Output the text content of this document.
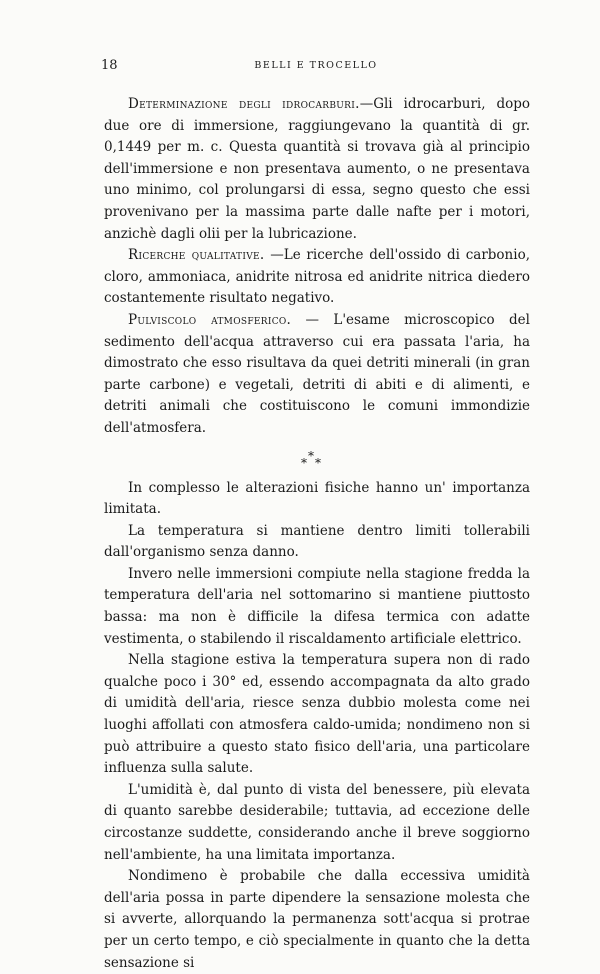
18	BELLI E TROCELLO

Determinazione degli idrocarburi.—Gli idrocarburi, dopo due ore di immersione, raggiungevano la quantità di gr. 0,1449 per m. c. Questa quantità si trovava già al principio dell'immersione e non presentava aumento, o ne presentava uno minimo, col prolungarsi di essa, segno questo che essi provenivano per la massima parte dalle nafte per i motori, anzichè dagli olii per la lubricazione.

Ricerche qualitative. —Le ricerche dell'ossido di carbonio, cloro, ammoniaca, anidrite nitrosa ed anidrite nitrica diedero costantemente risultato negativo.

Pulviscolo atmosferico. — L'esame microscopico del sedimento dell'acqua attraverso cui era passata l'aria, ha dimostrato che esso risultava da quei detriti minerali (in gran parte carbone) e vegetali, detriti di abiti e di alimenti, e detriti animali che costituiscono le comuni immondizie dell'atmosfera.

*
* *

In complesso le alterazioni fisiche hanno un' importanza limitata.

La temperatura si mantiene dentro limiti tollerabili dall'organismo senza danno.

Invero nelle immersioni compiute nella stagione fredda la temperatura dell'aria nel sottomarino si mantiene piuttosto bassa: ma non è difficile la difesa termica con adatte vestimenta, o stabilendo il riscaldamento artificiale elettrico.

Nella stagione estiva la temperatura supera non di rado qualche poco i 30° ed, essendo accompagnata da alto grado di umidità dell'aria, riesce senza dubbio molesta come nei luoghi affollati con atmosfera caldo-umida; nondimeno non si può attribuire a questo stato fisico dell'aria, una particolare influenza sulla salute.

L'umidità è, dal punto di vista del benessere, più elevata di quanto sarebbe desiderabile; tuttavia, ad eccezione delle circostanze suddette, considerando anche il breve soggiorno nell'ambiente, ha una limitata importanza.

Nondimeno è probabile che dalla eccessiva umidità dell'aria possa in parte dipendere la sensazione molesta che si avverte, allorquando la permanenza sott'acqua si protrae per un certo tempo, e ciò specialmente in quanto che la detta sensazione si
